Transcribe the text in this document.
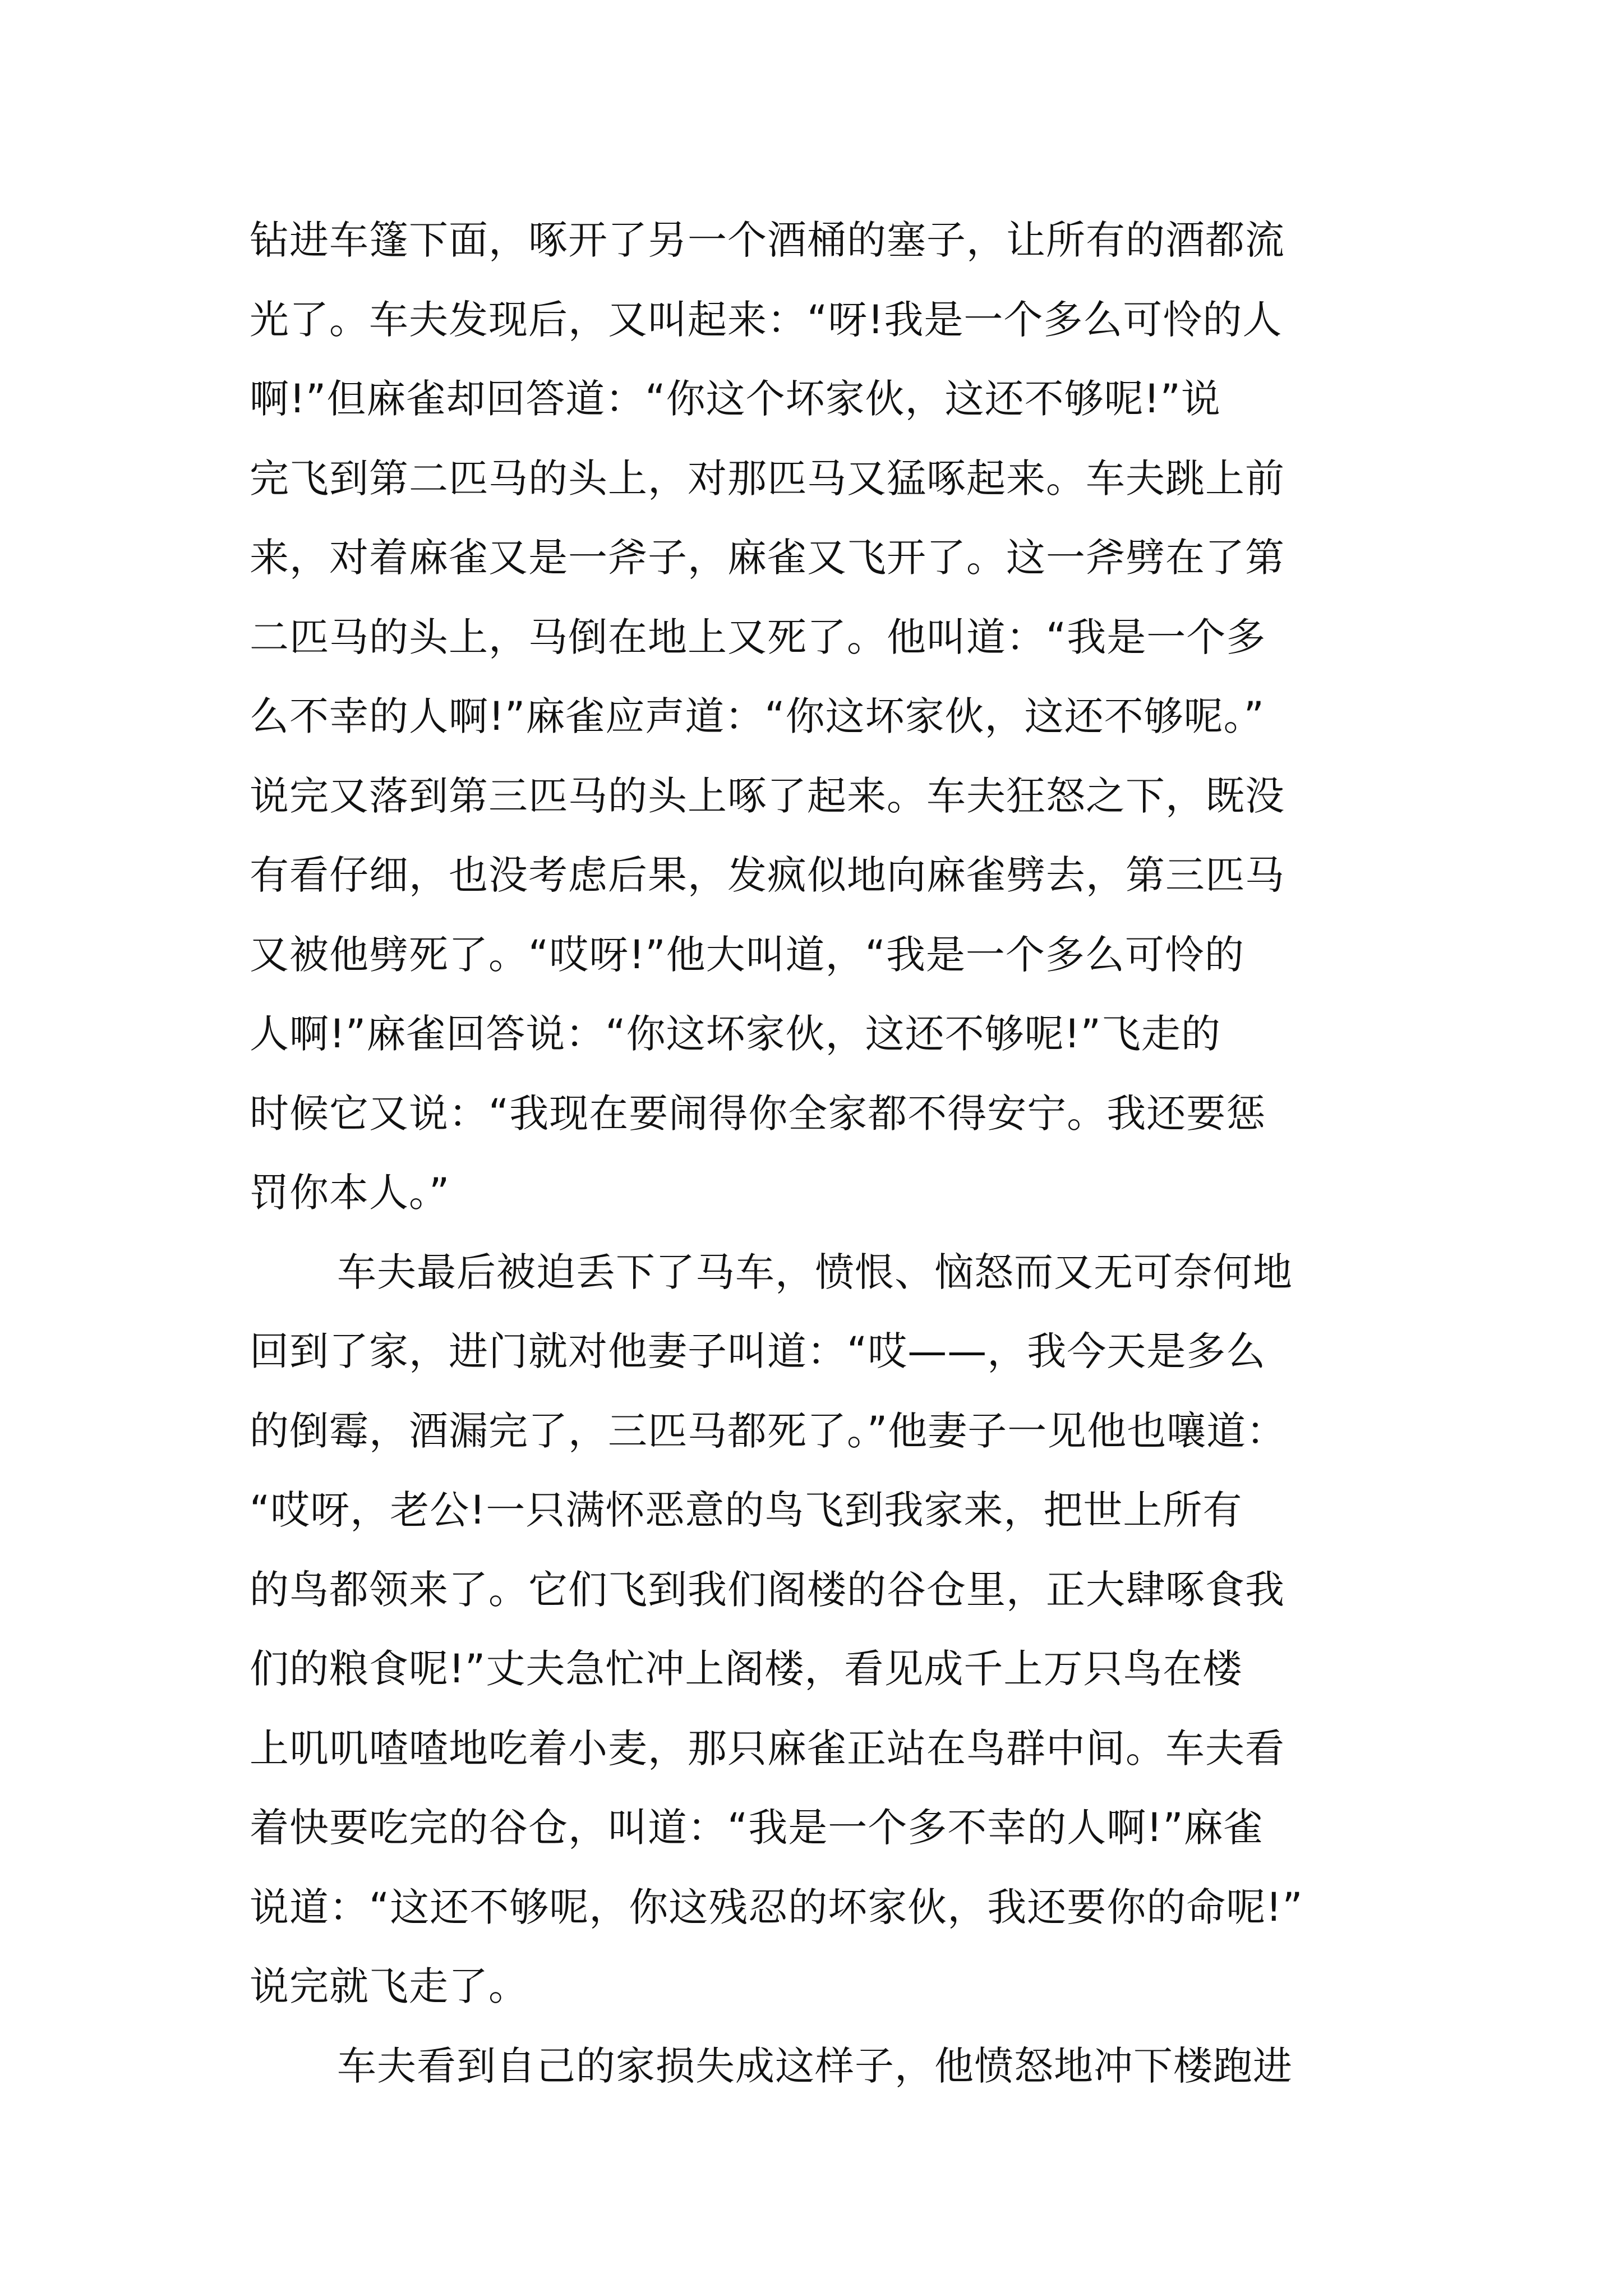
钻进车篷下面，啄开了另一个酒桶的塞子，让所有的酒都流
光了。车夫发现后，又叫起来：“呀!我是一个多么可怜的人
啊!”但麻雀却回答道：“你这个坏家伙，这还不够呢!”说
完飞到第二匹马的头上，对那匹马又猛啄起来。车夫跳上前
来，对着麻雀又是一斧子，麻雀又飞开了。这一斧劈在了第
二匹马的头上，马倒在地上又死了。他叫道：“我是一个多
么不幸的人啊!”麻雀应声道：“你这坏家伙，这还不够呢。”
说完又落到第三匹马的头上啄了起来。车夫狂怒之下，既没
有看仔细，也没考虑后果，发疯似地向麻雀劈去，第三匹马
又被他劈死了。“哎呀!”他大叫道，“我是一个多么可怜的
人啊!”麻雀回答说：“你这坏家伙，这还不够呢!”飞走的
时候它又说：“我现在要闹得你全家都不得安宁。我还要惩
罚你本人。”
车夫最后被迫丢下了马车，愤恨、恼怒而又无可奈何地
回到了家，进门就对他妻子叫道：“哎——，我今天是多么
的倒霉，酒漏完了，三匹马都死了。”他妻子一见他也嚷道：
“哎呀，老公!一只满怀恶意的鸟飞到我家来，把世上所有
的鸟都领来了。它们飞到我们阁楼的谷仓里，正大肆啄食我
们的粮食呢!”丈夫急忙冲上阁楼，看见成千上万只鸟在楼
上叽叽喳喳地吃着小麦，那只麻雀正站在鸟群中间。车夫看
着快要吃完的谷仓，叫道：“我是一个多不幸的人啊!”麻雀
说道：“这还不够呢，你这残忍的坏家伙，我还要你的命呢!”
说完就飞走了。
车夫看到自己的家损失成这样子，他愤怒地冲下楼跑进
